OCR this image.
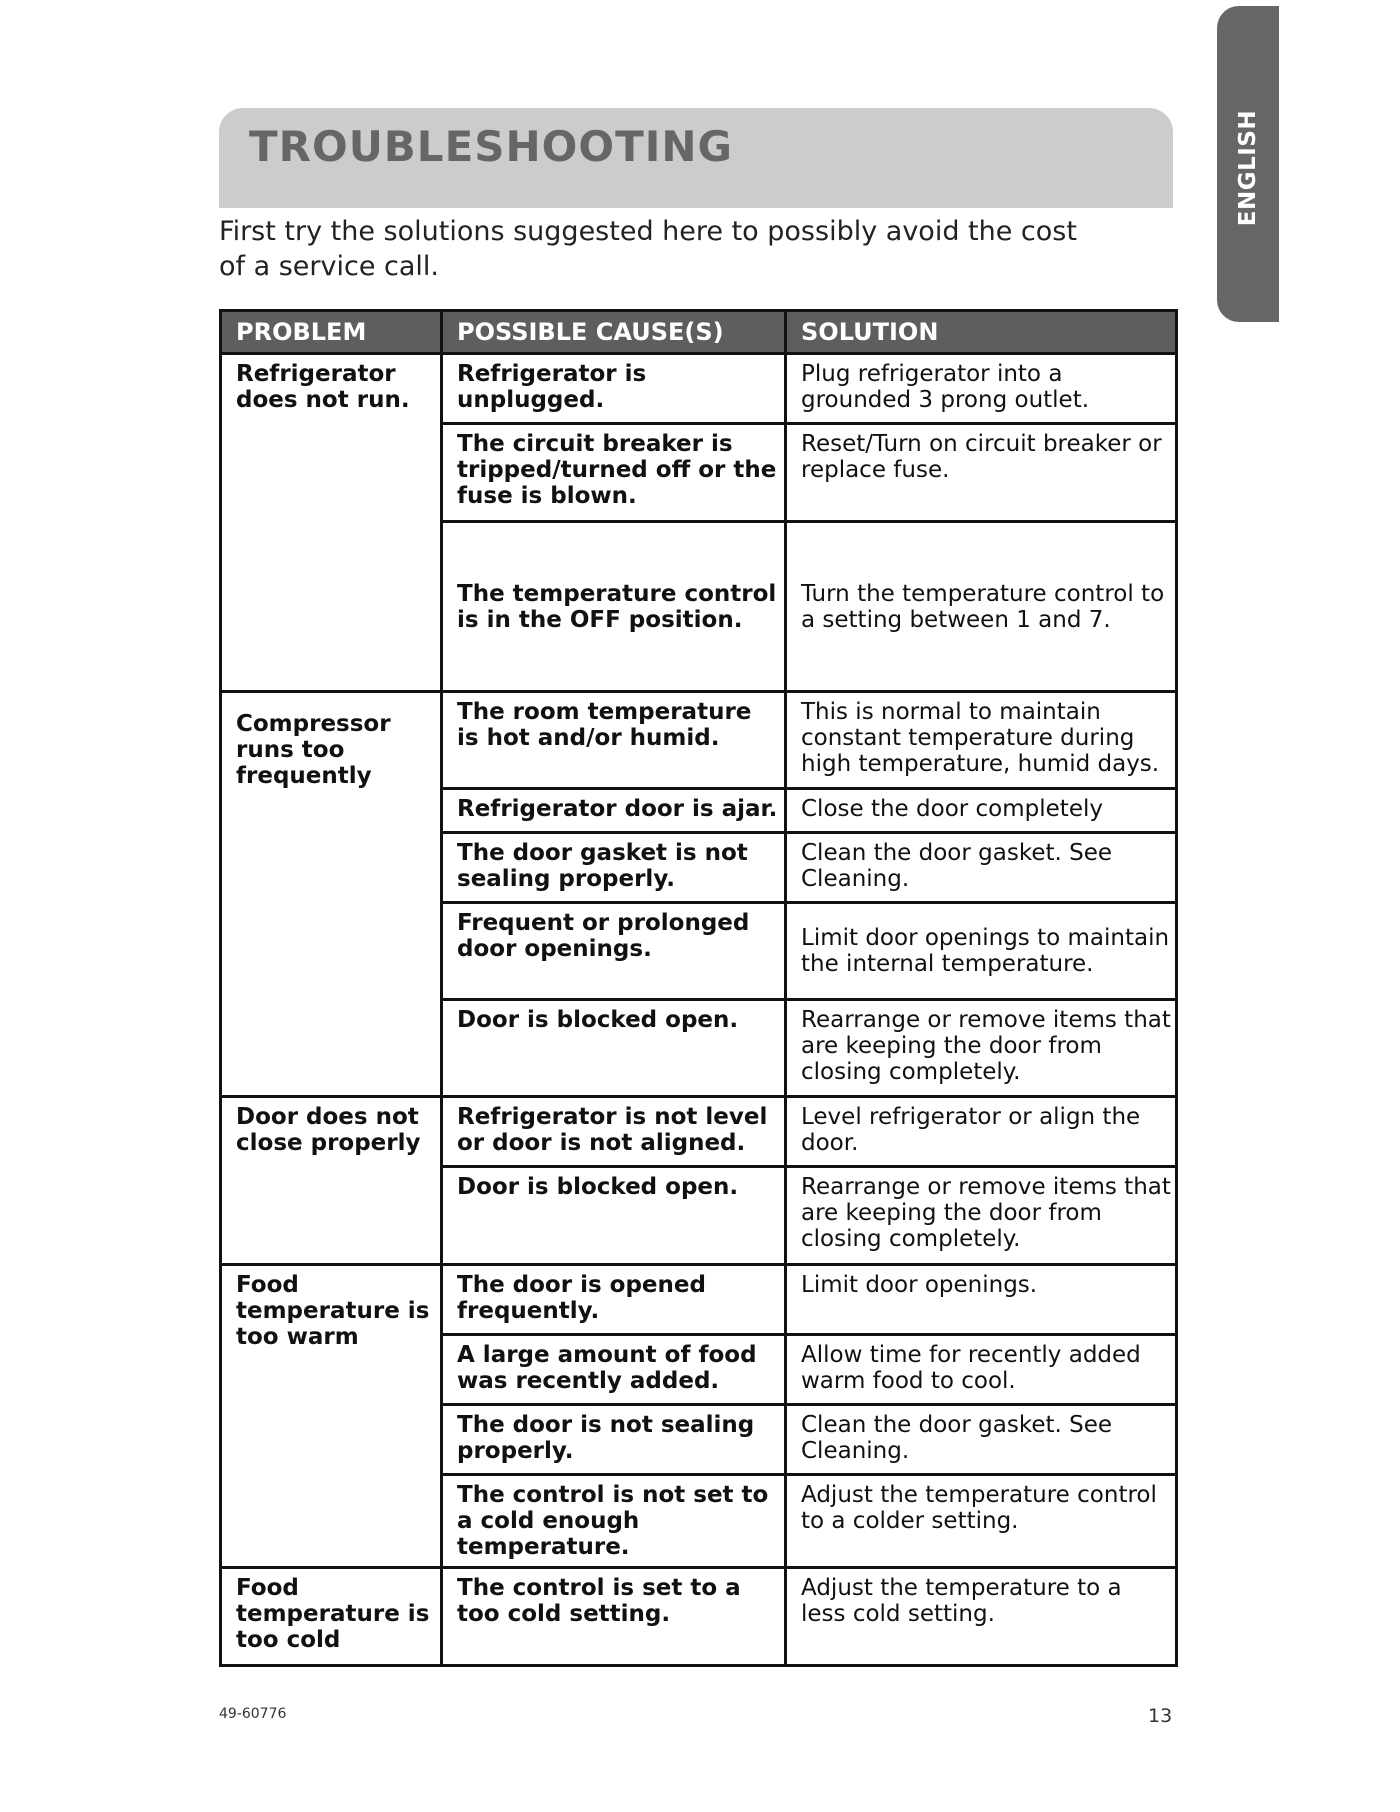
ENGLISH
TROUBLESHOOTING

First try the solutions suggested here to possibly avoid the cost of a service call.

PROBLEM	POSSIBLE CAUSE(S)	SOLUTION
Refrigerator does not run.	Refrigerator is unplugged.	Plug refrigerator into a grounded 3 prong outlet.
	The circuit breaker is tripped/turned off or the fuse is blown.	Reset/Turn on circuit breaker or replace fuse.
	The temperature control is in the OFF position.	Turn the temperature control to a setting between 1 and 7.
Compressor runs too frequently	The room temperature is hot and/or humid.	This is normal to maintain constant temperature during high temperature, humid days.
	Refrigerator door is ajar.	Close the door completely
	The door gasket is not sealing properly.	Clean the door gasket. See Cleaning.
	Frequent or prolonged door openings.	Limit door openings to maintain the internal temperature.
	Door is blocked open.	Rearrange or remove items that are keeping the door from closing completely.
Door does not close properly	Refrigerator is not level or door is not aligned.	Level refrigerator or align the door.
	Door is blocked open.	Rearrange or remove items that are keeping the door from closing completely.
Food temperature is too warm	The door is opened frequently.	Limit door openings.
	A large amount of food was recently added.	Allow time for recently added warm food to cool.
	The door is not sealing properly.	Clean the door gasket. See Cleaning.
	The control is not set to a cold enough temperature.	Adjust the temperature control to a colder setting.
Food temperature is too cold	The control is set to a too cold setting.	Adjust the temperature to a less cold setting.
49-60776	13
